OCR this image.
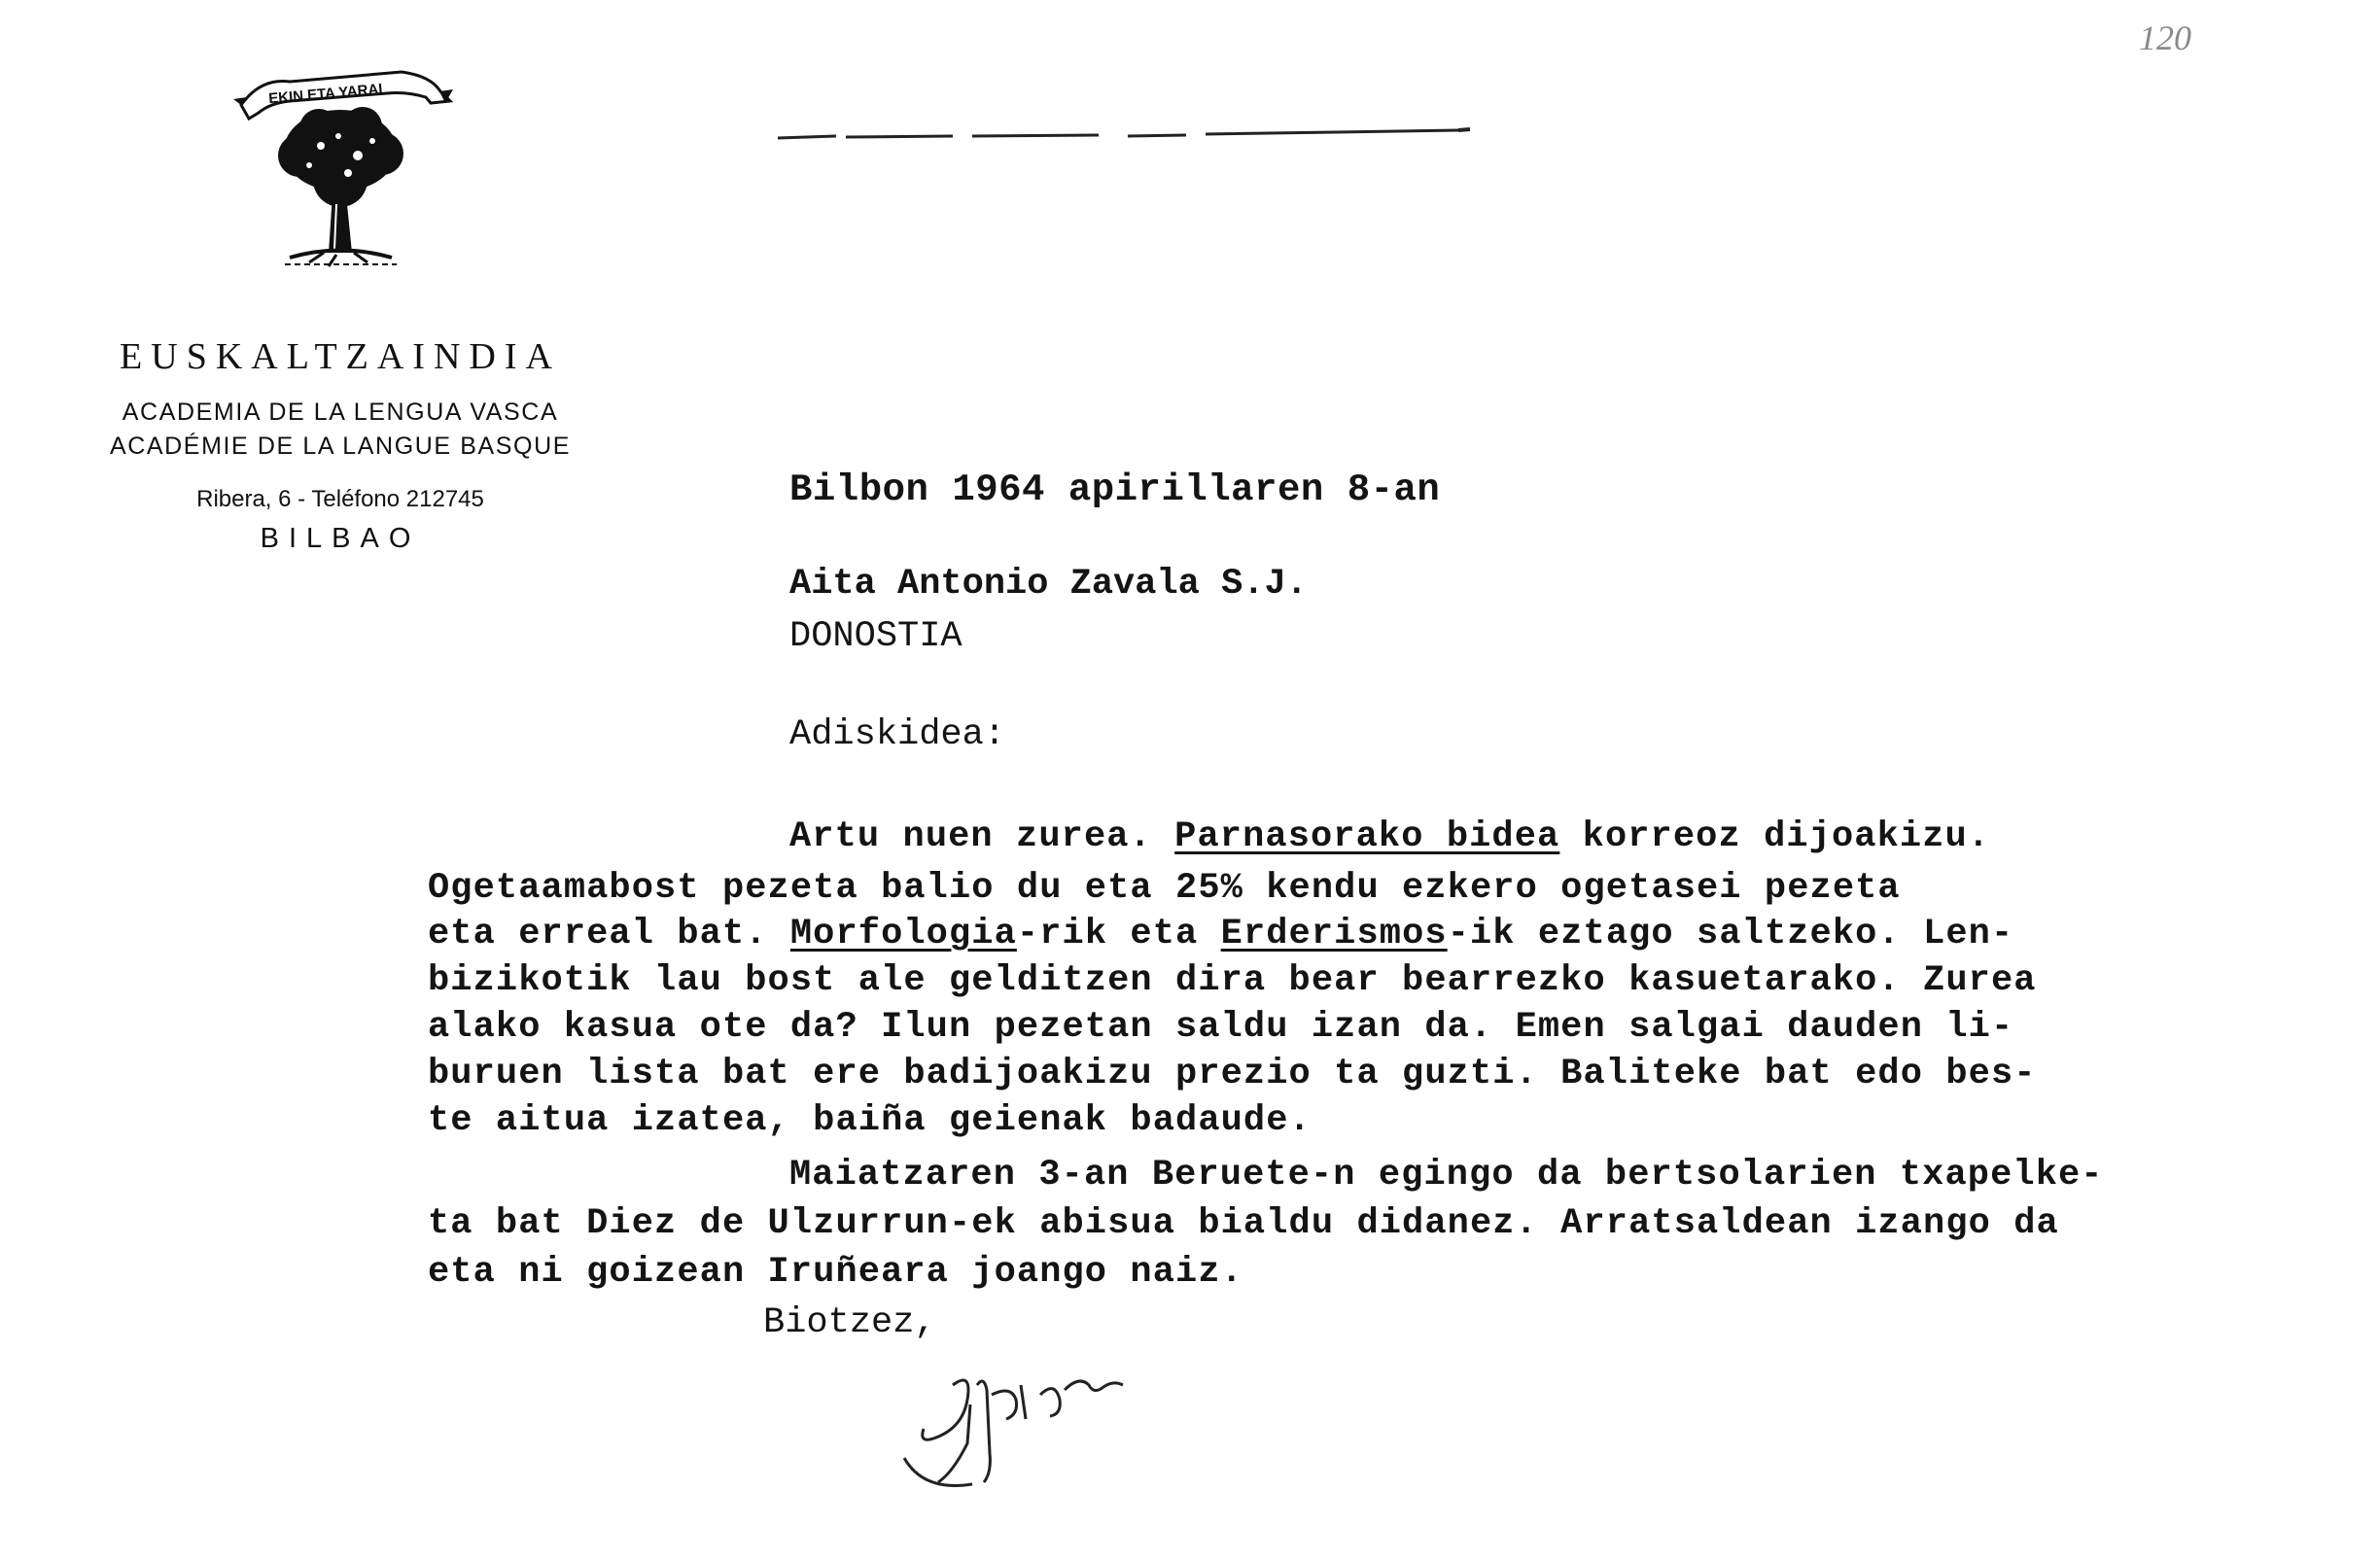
EKIN ETA YARAI
EUSKALTZAINDIA
ACADEMIA DE LA LENGUA VASCA
ACADÉMIE DE LA LANGUE BASQUE
Ribera, 6 - Teléfono 212745
BILBAO
120
Bilbon 1964 apirillaren 8-an
Aita Antonio Zavala S.J.
DONOSTIA
Adiskidea:
Artu nuen zurea. Parnasorako bidea korreoz dijoakizu.
Ogetaamabost pezeta balio du eta 25% kendu ezkero ogetasei pezeta
eta erreal bat. Morfologia-rik eta Erderismos-ik eztago saltzeko. Len-
bizikotik lau bost ale gelditzen dira bear bearrezko kasuetarako. Zurea
alako kasua ote da? Ilun pezetan saldu izan da. Emen salgai dauden li-
buruen lista bat ere badijoakizu prezio ta guzti. Baliteke bat edo bes-
te aitua izatea, baiña geienak badaude.
Maiatzaren 3-an Beruete-n egingo da bertsolarien txapelke-
ta bat Diez de Ulzurrun-ek abisua bialdu didanez. Arratsaldean izango da
eta ni goizean Iruñeara joango naiz.
Biotzez,
